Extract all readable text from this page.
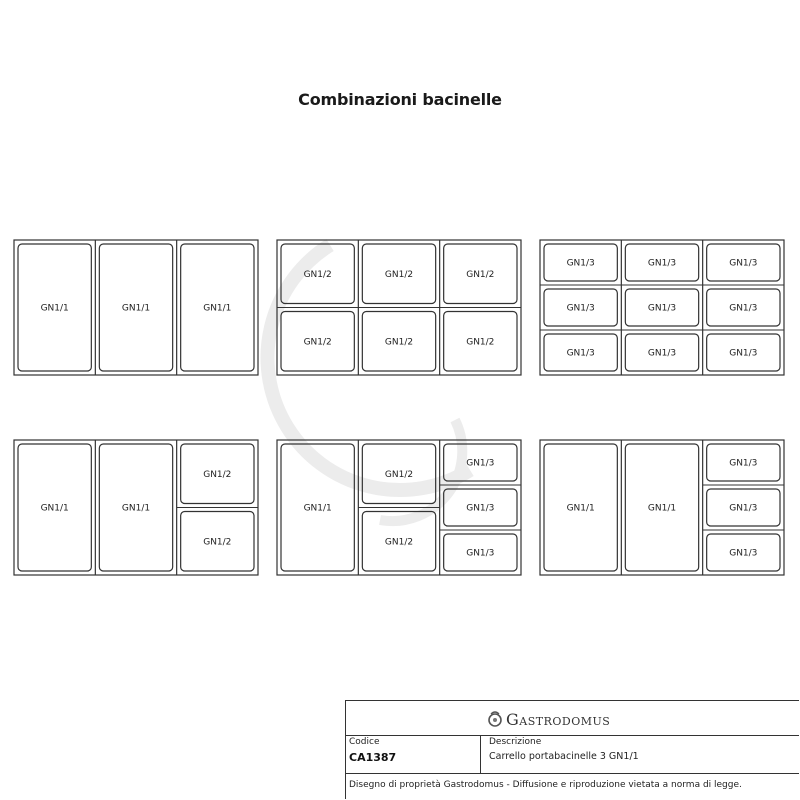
Combinazioni bacinelle
GN1/1	GN1/1	GN1/1
GN1/2
GN1/2
GN1/2
GN1/2
GN1/2
GN1/2
GN1/3
GN1/3
GN1/3
GN1/3
GN1/3
GN1/3
GN1/3
GN1/3
GN1/3
GN1/1	GN1/1
GN1/2
GN1/2
GN1/1
GN1/2
GN1/2
GN1/3
GN1/3
GN1/3
GN1/1	GN1/1
GN1/3
GN1/3
GN1/3
Gastrodomus
Codice
CA1387
Descrizione
Carrello portabacinelle 3 GN1/1
Disegno di proprietà Gastrodomus - Diffusione e riproduzione vietata a norma di legge.
